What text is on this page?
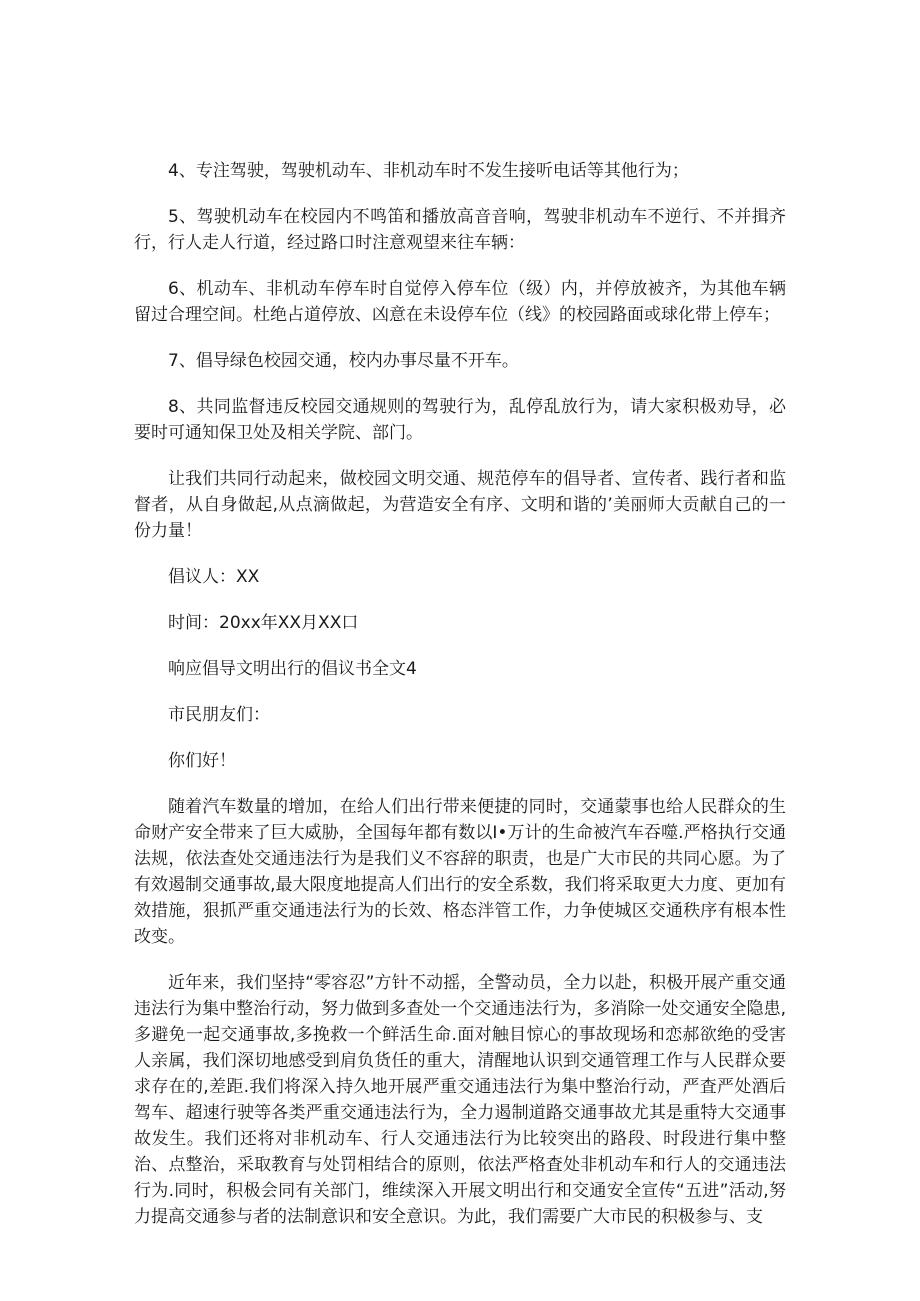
4、专注驾驶，驾驶机动车、非机动车时不发生接听电话等其他行为；

5、驾驶机动车在校园内不鸣笛和播放高音音响，驾驶非机动车不逆行、不并揖齐行，行人走人行道，经过路口时注意观望来往车辆：

6、机动车、非机动车停车时自觉停入停车位（级）内，并停放被齐，为其他车辆留过合理空间。杜绝占道停放、凶意在未设停车位（线》的校园路面或球化带上停车；

7、倡导绿色校园交通，校内办事尽量不开车。

8、共同监督违反校园交通规则的驾驶行为，乱停乱放行为，请大家积极劝导，必要时可通知保卫处及相关学院、部门。

让我们共同行动起来，做校园文明交通、规范停车的倡导者、宣传者、践行者和监督者，从自身做起,从点滴做起，为营造安全有序、文明和谐的’美丽师大贡献自己的一份力量！

倡议人：XX

时间：20xx年XX月XX口

响应倡导文明出行的倡议书全文4

市民朋友们：

你们好！

随着汽车数量的增加，在给人们出行带来便捷的同时，交通蒙事也给人民群众的生命财产安全带来了巨大威胁，全国每年都有数以I•万计的生命被汽车吞噬.严格执行交通法规，依法查处交通违法行为是我们义不容辞的职责，也是广大市民的共同心愿。为了有效遏制交通事故,最大限度地提高人们出行的安全系数，我们将采取更大力度、更加有效措施，狠抓严重交通违法行为的长效、格态泮管工作，力争使城区交通秩序有根本性改变。

近年来，我们坚持“零容忍”方针不动摇，全警动员，全力以赴，积极开展产重交通违法行为集中整治行动，努力做到多查处一个交通违法行为，多消除一处交通安全隐患,多避免一起交通事故,多挽救一个鲜活生命.面对触目惊心的事故现场和恋郝欲绝的受害人亲属，我们深切地感受到肩负货任的重大，清醒地认识到交通管理工作与人民群众要求存在的,差距.我们将深入持久地开展严重交通违法行为集中整治行动，严査严处酒后驾车、超速行驶等各类严重交通违法行为，全力遏制道路交通事故尤其是重特大交通事故发生。我们还将对非机动车、行人交通违法行为比较突出的路段、时段进行集中整治、点整治，采取教育与处罚相结合的原则，依法严格査处非机动车和行人的交通违法行为.同时，积极会同有关部门，维续深入开展文明出行和交通安全宣传“五进”活动,努力提高交通参与者的法制意识和安全意识。为此，我们需要广大市民的积极参与、支
